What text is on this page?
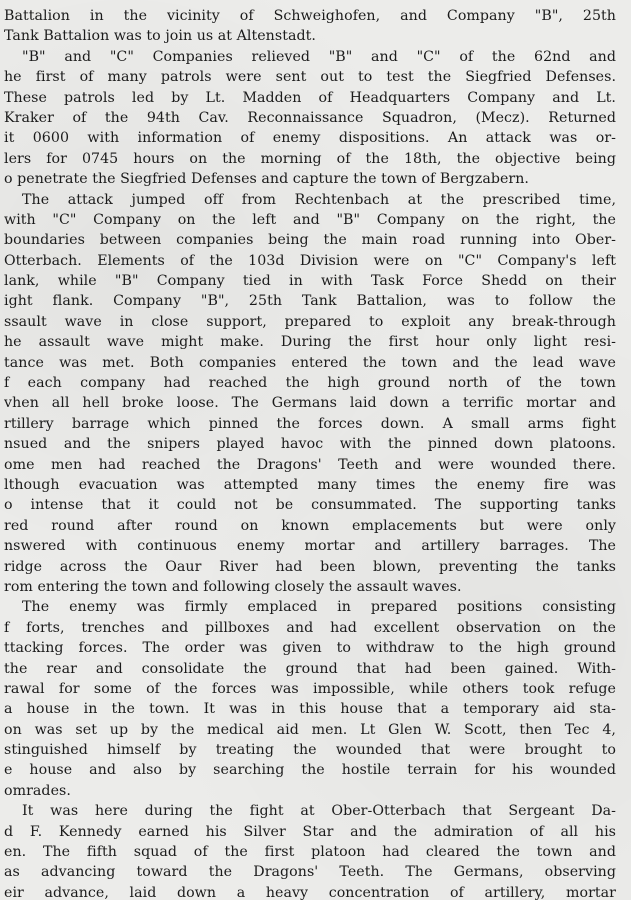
Battalion in the vicinity of Schweighofen, and Company "B", 25th
Tank Battalion was to join us at Altenstadt.
"B" and "C" Companies relieved "B" and "C" of the 62nd and
he first of many patrols were sent out to test the Siegfried Defenses.
These patrols led by Lt. Madden of Headquarters Company and Lt.
Kraker of the 94th Cav. Reconnaissance Squadron, (Mecz). Returned
it 0600 with information of enemy dispositions. An attack was or-
lers for 0745 hours on the morning of the 18th, the objective being
o penetrate the Siegfried Defenses and capture the town of Bergzabern.
The attack jumped off from Rechtenbach at the prescribed time,
with "C" Company on the left and "B" Company on the right, the
boundaries between companies being the main road running into Ober-
Otterbach. Elements of the 103d Division were on "C" Company's left
lank, while "B" Company tied in with Task Force Shedd on their
ight flank. Company "B", 25th Tank Battalion, was to follow the
ssault wave in close support, prepared to exploit any break-through
he assault wave might make. During the first hour only light resi-
tance was met. Both companies entered the town and the lead wave
f each company had reached the high ground north of the town
vhen all hell broke loose. The Germans laid down a terrific mortar and
rtillery barrage which pinned the forces down. A small arms fight
nsued and the snipers played havoc with the pinned down platoons.
ome men had reached the Dragons' Teeth and were wounded there.
lthough evacuation was attempted many times the enemy fire was
o intense that it could not be consummated. The supporting tanks
red round after round on known emplacements but were only
nswered with continuous enemy mortar and artillery barrages. The
ridge across the Oaur River had been blown, preventing the tanks
rom entering the town and following closely the assault waves.
The enemy was firmly emplaced in prepared positions consisting
f forts, trenches and pillboxes and had excellent observation on the
ttacking forces. The order was given to withdraw to the high ground
the rear and consolidate the ground that had been gained. With-
rawal for some of the forces was impossible, while others took refuge
a house in the town. It was in this house that a temporary aid sta-
on was set up by the medical aid men. Lt Glen W. Scott, then Tec 4,
stinguished himself by treating the wounded that were brought to
e house and also by searching the hostile terrain for his wounded
omrades.
It was here during the fight at Ober-Otterbach that Sergeant Da-
d F. Kennedy earned his Silver Star and the admiration of all his
en. The fifth squad of the first platoon had cleared the town and
as advancing toward the Dragons' Teeth. The Germans, observing
eir advance, laid down a heavy concentration of artillery, mortar
